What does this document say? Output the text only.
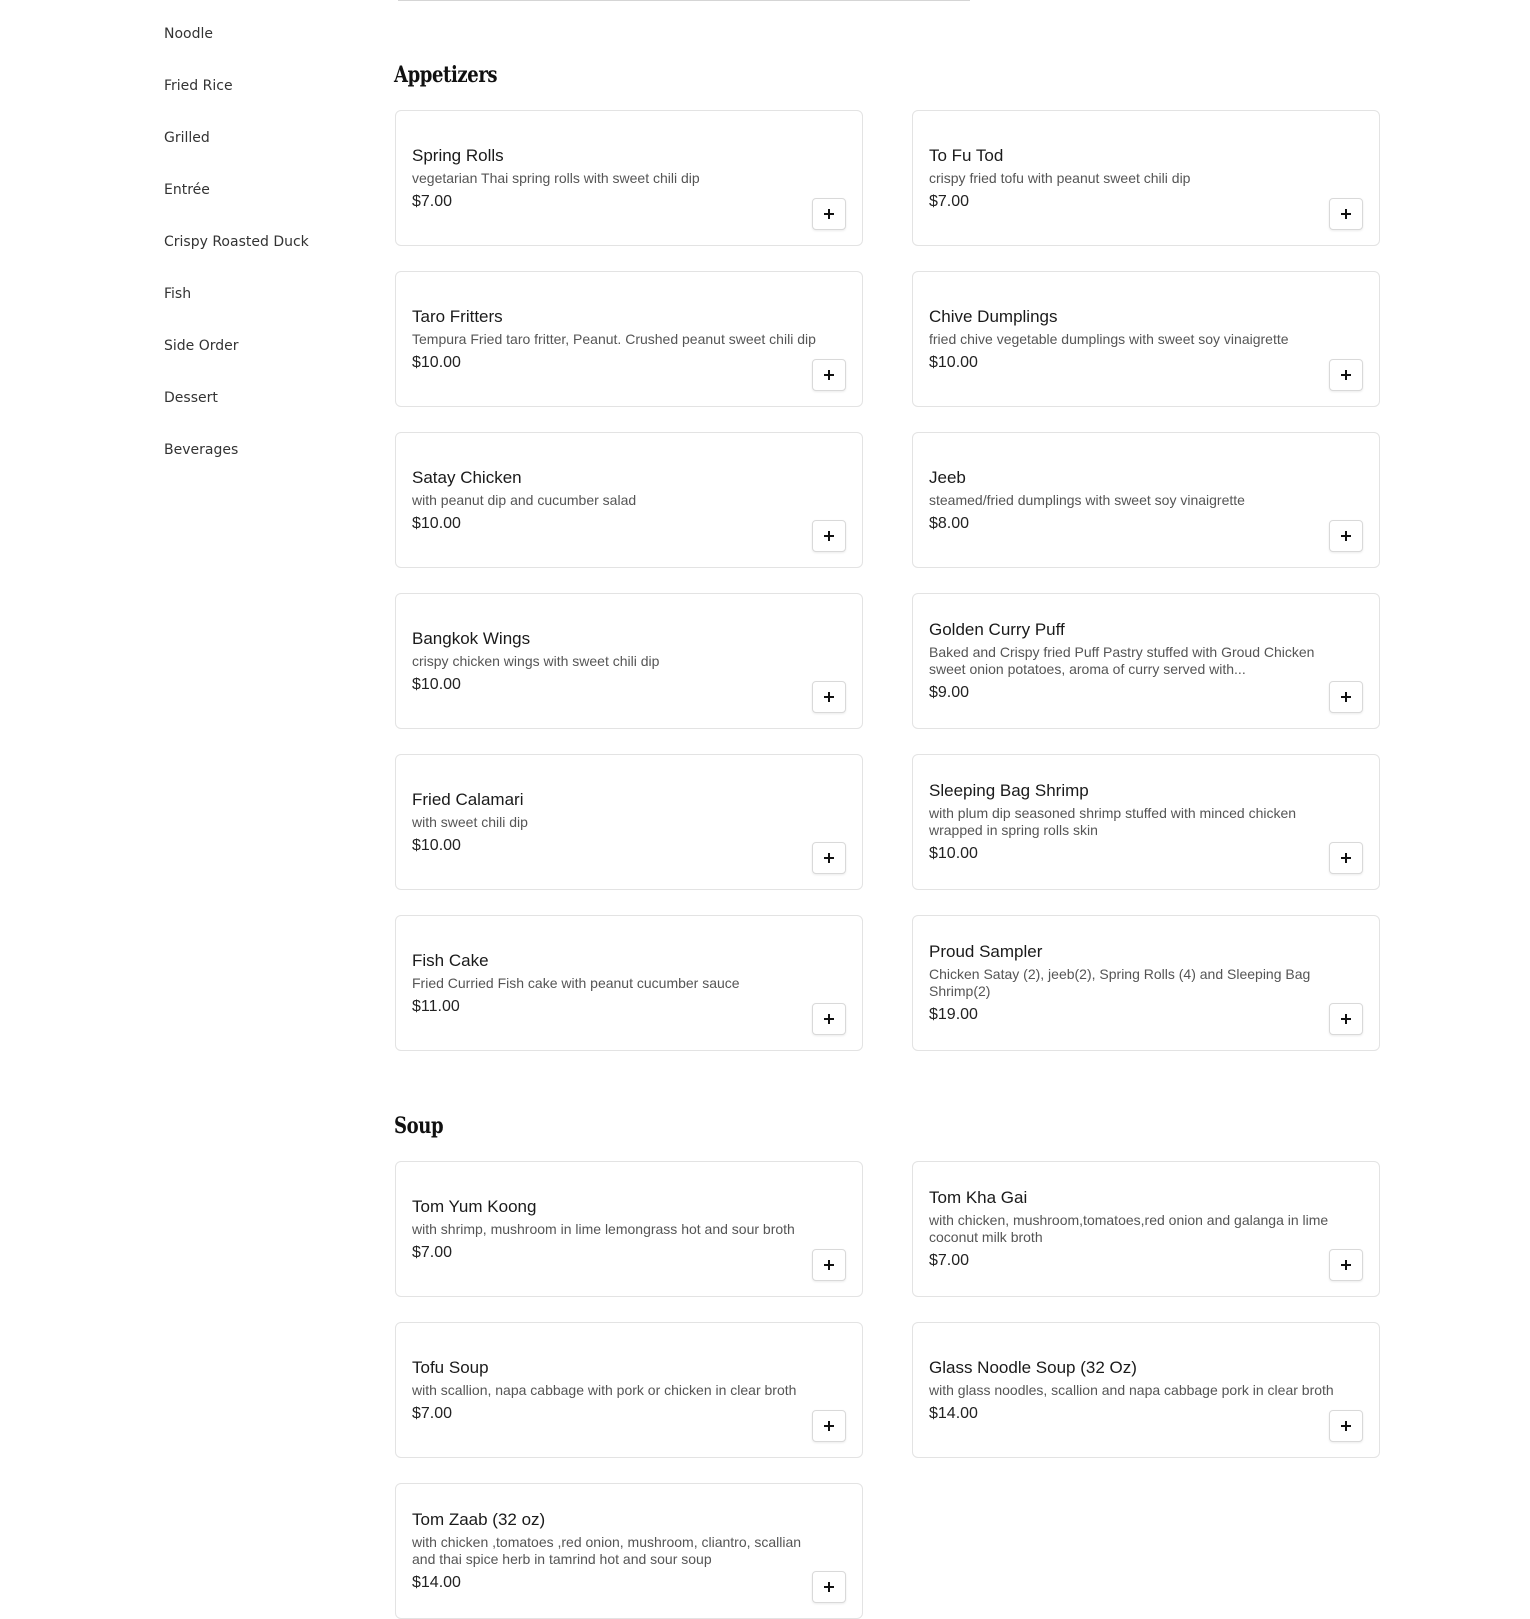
Noodle
Fried Rice
Grilled
Entrée
Crispy Roasted Duck
Fish
Side Order
Dessert
Beverages
Appetizers
Spring Rolls
vegetarian Thai spring rolls with sweet chili dip
$7.00
To Fu Tod
crispy fried tofu with peanut sweet chili dip
$7.00
Taro Fritters
Tempura Fried taro fritter, Peanut. Crushed peanut sweet chili dip
$10.00
Chive Dumplings
fried chive vegetable dumplings with sweet soy vinaigrette
$10.00
Satay Chicken
with peanut dip and cucumber salad
$10.00
Jeeb
steamed/fried dumplings with sweet soy vinaigrette
$8.00
Bangkok Wings
crispy chicken wings with sweet chili dip
$10.00
Golden Curry Puff
Baked and Crispy fried Puff Pastry stuffed with Groud Chicken sweet onion potatoes, aroma of curry served with...
$9.00
Fried Calamari
with sweet chili dip
$10.00
Sleeping Bag Shrimp
with plum dip seasoned shrimp stuffed with minced chicken wrapped in spring rolls skin
$10.00
Fish Cake
Fried Curried Fish cake with peanut cucumber sauce
$11.00
Proud Sampler
Chicken Satay (2), jeeb(2), Spring Rolls (4) and Sleeping Bag Shrimp(2)
$19.00
Soup
Tom Yum Koong
with shrimp, mushroom in lime lemongrass hot and sour broth
$7.00
Tom Kha Gai
with chicken, mushroom,tomatoes,red onion and galanga in lime coconut milk broth
$7.00
Tofu Soup
with scallion, napa cabbage with pork or chicken in clear broth
$7.00
Glass Noodle Soup (32 Oz)
with glass noodles, scallion and napa cabbage pork in clear broth
$14.00
Tom Zaab (32 oz)
with chicken ,tomatoes ,red onion, mushroom, cliantro, scallian and thai spice herb in tamrind hot and sour soup
$14.00
